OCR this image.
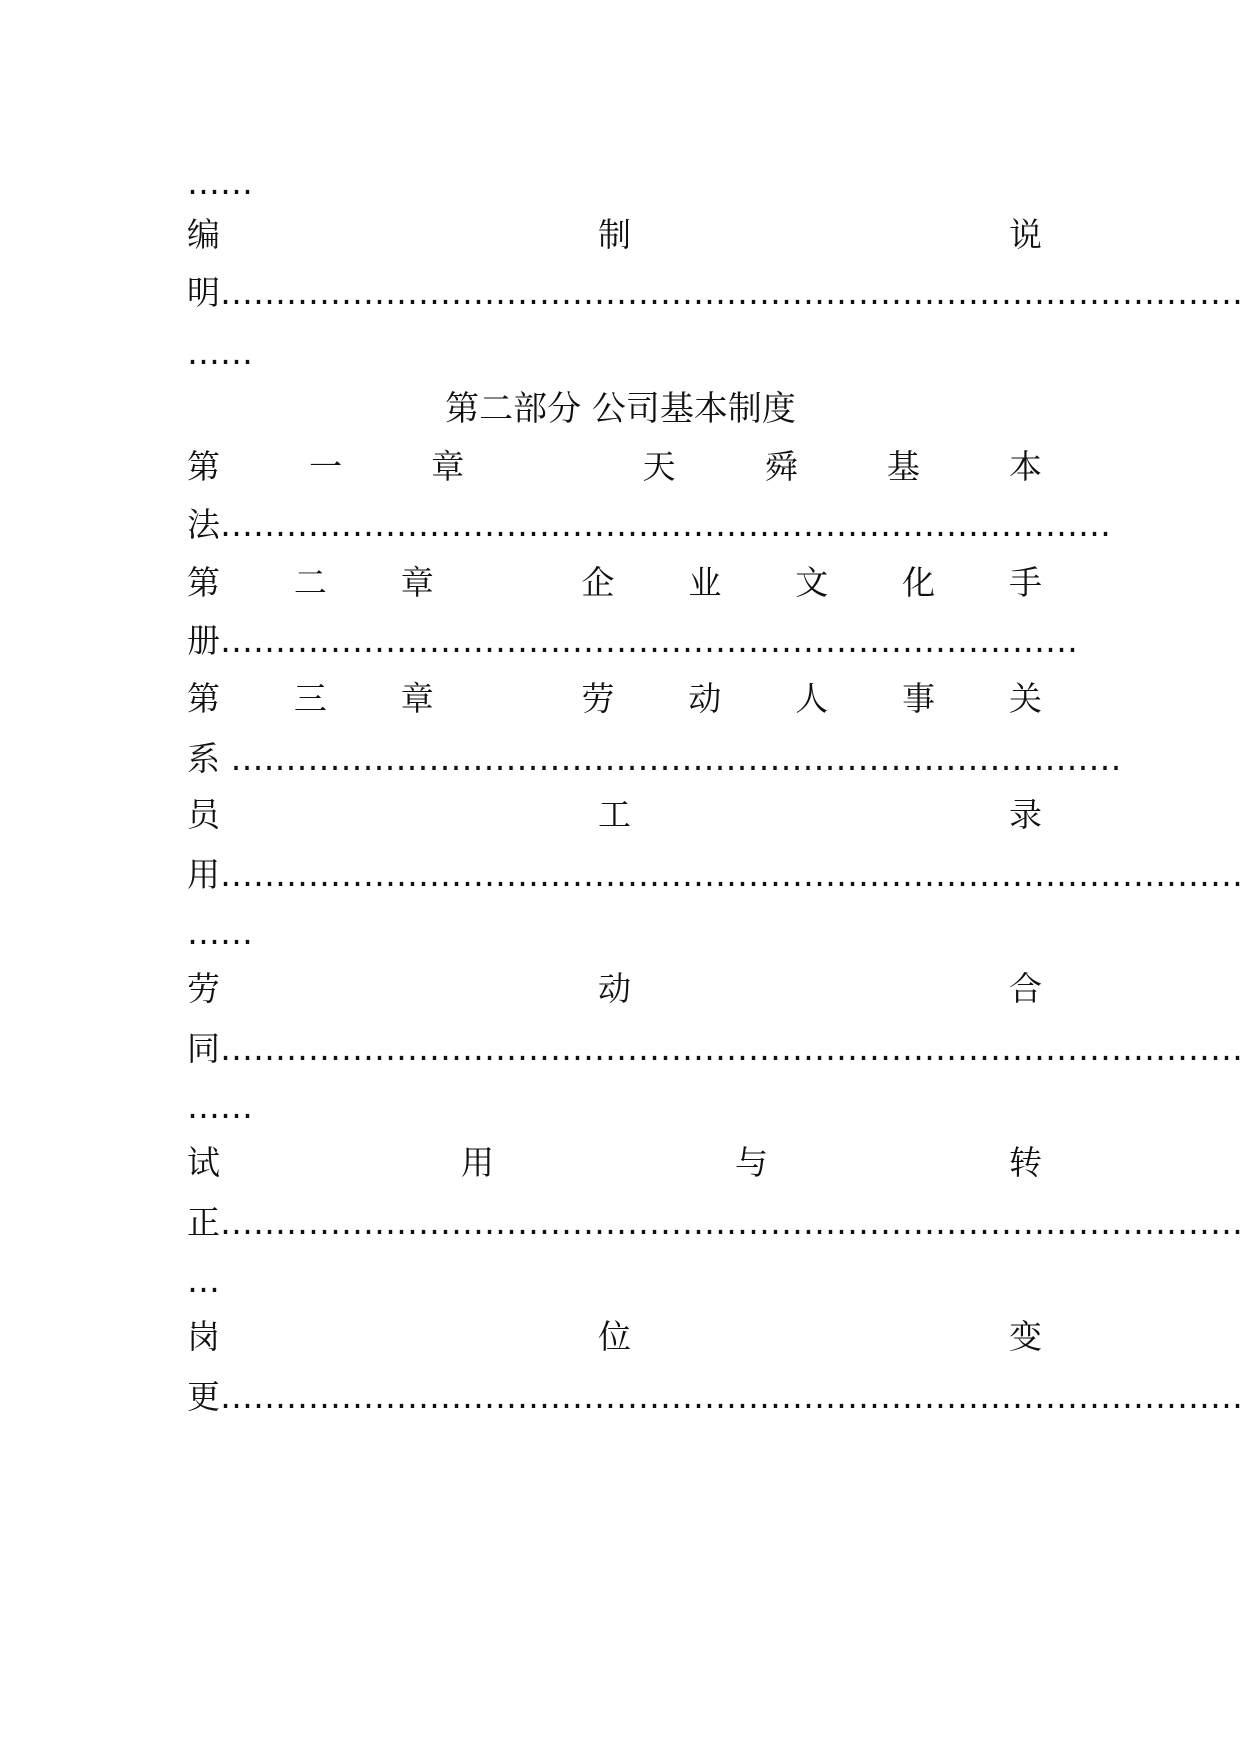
……
编	制	说
明 …………………………………………………………………………………
……
第二部分 公司基本制度
第	一	章	天	舜	基	本
法 ………………………………………………………………………
第 二 章	企 业 文 化 手
册 ……………………………………………………………………
第 三 章	劳 动 人 事 关
系 ………………………………………………………………………
员	工	录
用 …………………………………………………………………………………
……
劳	动	合
同 …………………………………………………………………………………
……
试	用	与	转
正 …………………………………………………………………………………
…
岗	位	变
更 …………………………………………………………………………………
